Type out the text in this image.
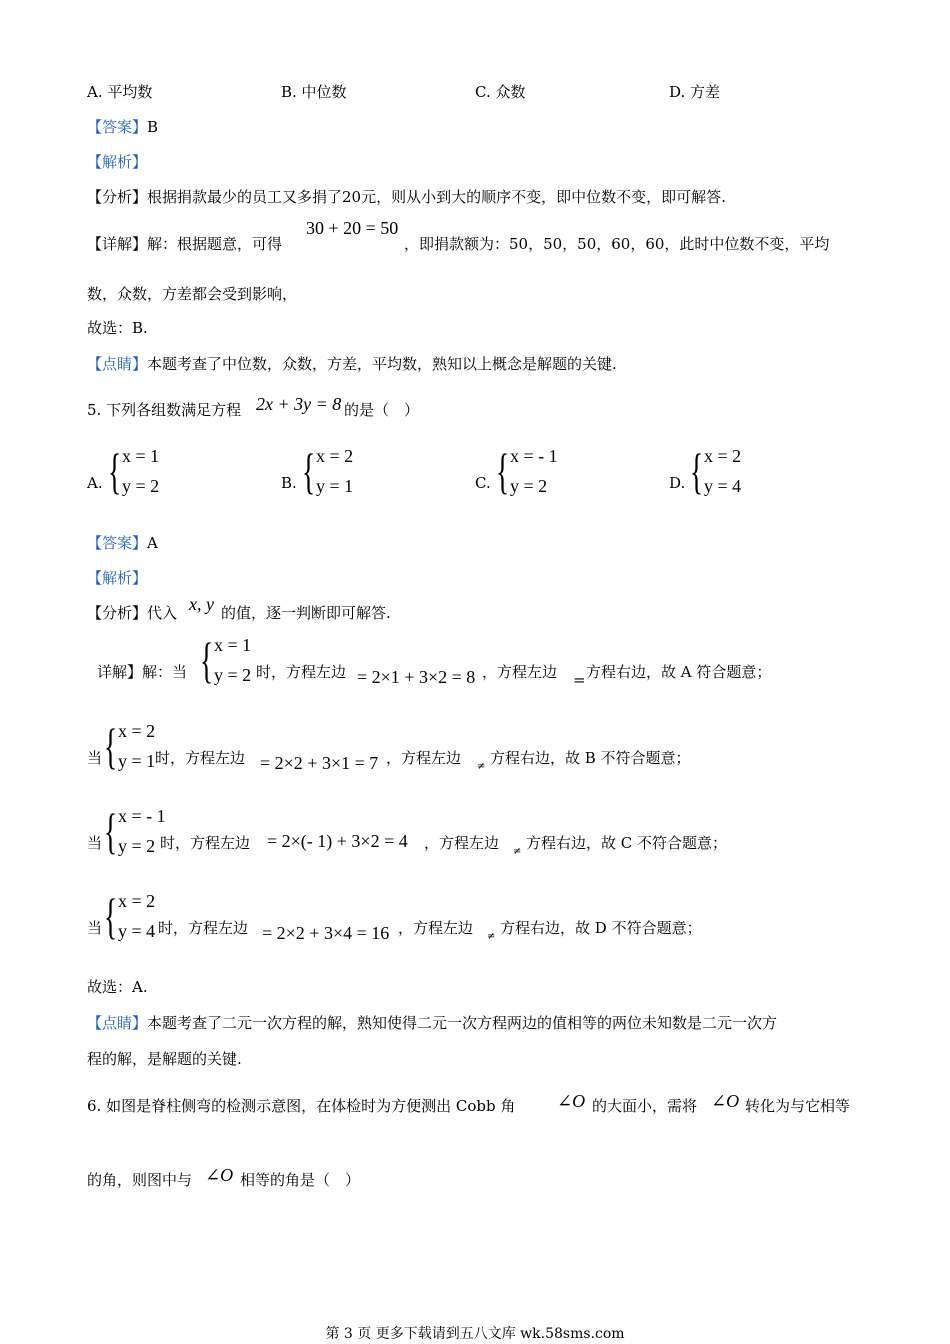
A. 平均数	B. 中位数	C. 众数	D. 方差
【答案】B
【解析】
【分析】根据捐款最少的员工又多捐了20元，则从小到大的顺序不变，即中位数不变，即可解答.
【详解】解：根据题意，可得
30 + 20 = 50
，即捐款额为：50，50，50，60，60，此时中位数不变，平均
数，众数，方差都会受到影响，
故选：B.
【点睛】本题考查了中位数，众数，方差，平均数，熟知以上概念是解题的关键.
5. 下列各组数满足方程 2x + 3y = 8 的是（　）
A. { x = 1
y = 2	B. { x = 2
y = 1	C. { x = - 1
y = 2	D. { x = 2
y = 4
【答案】A
【解析】
【分析】代入 x, y 的值，逐一判断即可解答.
详解】解：当 { x = 1
y = 2 时，方程左边 = 2×1 + 3×2 = 8 ，方程左边 = 方程右边，故 A 符合题意；
当 { x = 2
y = 1 时，方程左边 = 2×2 + 3×1 = 7 ，方程左边 ≠ 方程右边，故 B 不符合题意；
当 { x = - 1
y = 2 时，方程左边 = 2×(- 1) + 3×2 = 4 ，方程左边 ≠ 方程右边，故 C 不符合题意；
当 { x = 2
y = 4 时，方程左边 = 2×2 + 3×4 = 16 ，方程左边 ≠ 方程右边，故 D 不符合题意；
故选：A.
【点睛】本题考查了二元一次方程的解，熟知使得二元一次方程两边的值相等的两位未知数是二元一次方
程的解，是解题的关键.
6. 如图是脊柱侧弯的检测示意图，在体检时为方便测出 Cobb 角 ∠O 的大面小，需将 ∠O 转化为与它相等
的角，则图中与 ∠O 相等的角是（　）
第 3 页 更多下载请到五八文库 wk.58sms.com
